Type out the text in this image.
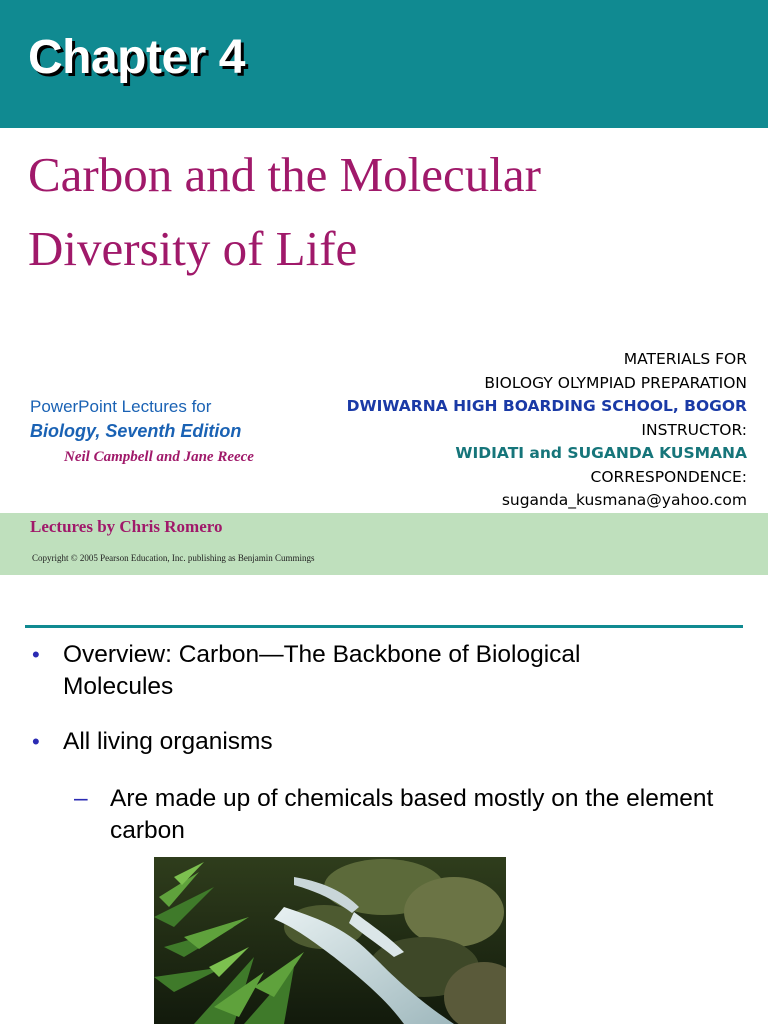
Chapter 4
Carbon and the Molecular
Diversity of Life
PowerPoint Lectures for
Biology, Seventh Edition
Neil Campbell and Jane Reece
MATERIALS FOR
BIOLOGY OLYMPIAD PREPARATION
DWIWARNA HIGH BOARDING SCHOOL, BOGOR
INSTRUCTOR:
WIDIATI and SUGANDA KUSMANA
CORRESPONDENCE:
suganda_kusmana@yahoo.com
Lectures by Chris Romero
Copyright © 2005 Pearson Education, Inc. publishing as Benjamin Cummings
• Overview: Carbon—The Backbone of Biological Molecules
• All living organisms
– Are made up of chemicals based mostly on the element carbon
